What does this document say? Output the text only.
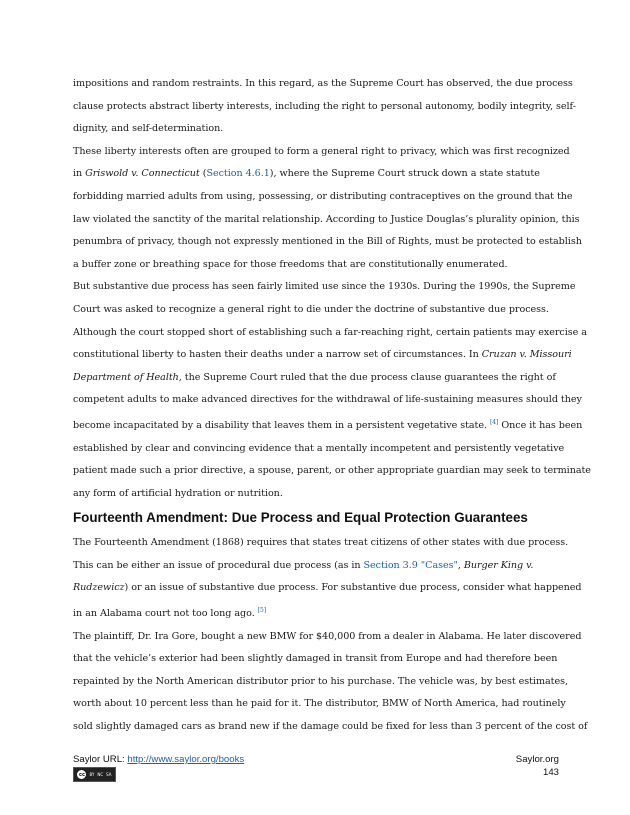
impositions and random restraints. In this regard, as the Supreme Court has observed, the due process
clause protects abstract liberty interests, including the right to personal autonomy, bodily integrity, self-
dignity, and self-determination.

These liberty interests often are grouped to form a general right to privacy, which was first recognized
in Griswold v. Connecticut (Section 4.6.1), where the Supreme Court struck down a state statute
forbidding married adults from using, possessing, or distributing contraceptives on the ground that the
law violated the sanctity of the marital relationship. According to Justice Douglas’s plurality opinion, this
penumbra of privacy, though not expressly mentioned in the Bill of Rights, must be protected to establish
a buffer zone or breathing space for those freedoms that are constitutionally enumerated.

But substantive due process has seen fairly limited use since the 1930s. During the 1990s, the Supreme
Court was asked to recognize a general right to die under the doctrine of substantive due process.
Although the court stopped short of establishing such a far-reaching right, certain patients may exercise a
constitutional liberty to hasten their deaths under a narrow set of circumstances. In Cruzan v. Missouri
Department of Health, the Supreme Court ruled that the due process clause guarantees the right of
competent adults to make advanced directives for the withdrawal of life-sustaining measures should they
become incapacitated by a disability that leaves them in a persistent vegetative state. [4] Once it has been
established by clear and convincing evidence that a mentally incompetent and persistently vegetative
patient made such a prior directive, a spouse, parent, or other appropriate guardian may seek to terminate
any form of artificial hydration or nutrition.

Fourteenth Amendment: Due Process and Equal Protection Guarantees

The Fourteenth Amendment (1868) requires that states treat citizens of other states with due process.
This can be either an issue of procedural due process (as in Section 3.9 "Cases", Burger King v.
Rudzewicz) or an issue of substantive due process. For substantive due process, consider what happened
in an Alabama court not too long ago. [5]

The plaintiff, Dr. Ira Gore, bought a new BMW for $40,000 from a dealer in Alabama. He later discovered
that the vehicle’s exterior had been slightly damaged in transit from Europe and had therefore been
repainted by the North American distributor prior to his purchase. The vehicle was, by best estimates,
worth about 10 percent less than he paid for it. The distributor, BMW of North America, had routinely
sold slightly damaged cars as brand new if the damage could be fixed for less than 3 percent of the cost of

Saylor URL: http://www.saylor.org/books
cc	BY NC SA
Saylor.org
143
